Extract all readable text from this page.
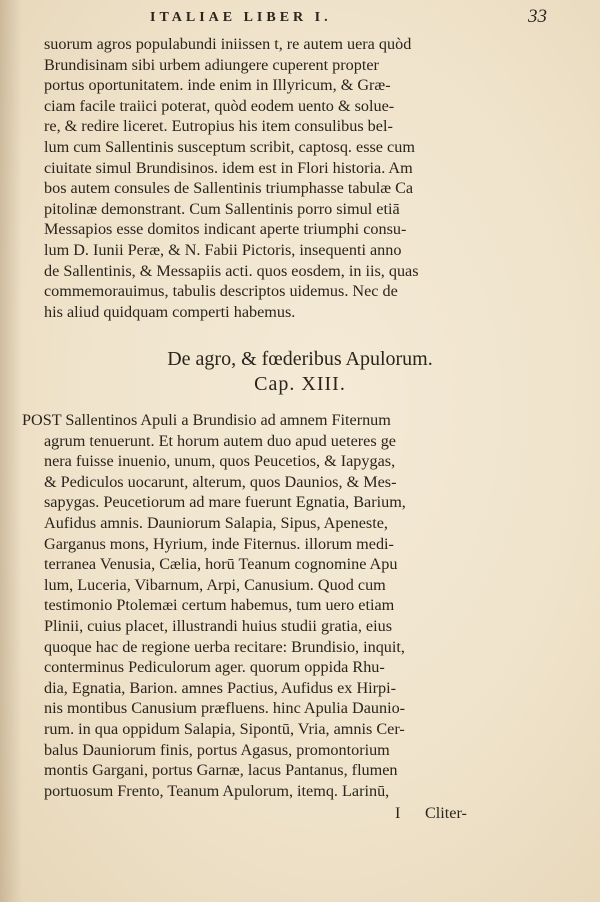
ITALIAE LIBER I.	33
suorum agros populabundi iniissen t, re autem uera quòd
Brundisinam sibi urbem adiungere cuperent propter
portus oportunitatem. inde enim in Illyricum, & Græ-
ciam facile traiici poterat, quòd eodem uento & solue-
re, & redire liceret. Eutropius his item consulibus bel-
lum cum Sallentinis susceptum scribit, captosq. esse cum
ciuitate simul Brundisinos. idem est in Flori historia. Am
bos autem consules de Sallentinis triumphasse tabulæ Ca
pitolinæ demonstrant. Cum Sallentinis porro simul etiā
Messapios esse domitos indicant aperte triumphi consu-
lum D. Iunii Peræ, & N. Fabii Pictoris, insequenti anno
de Sallentinis, & Messapiis acti. quos eosdem, in iis, quas
commemorauimus, tabulis descriptos uidemus. Nec de
his aliud quidquam comperti habemus.
De agro, & fœderibus Apulorum.
Cap. XIII.
POST Sallentinos Apuli a Brundisio ad amnem Fiternum
agrum tenuerunt. Et horum autem duo apud ueteres ge
nera fuisse inuenio, unum, quos Peucetios, & Iapygas,
& Pediculos uocarunt, alterum, quos Daunios, & Mes-
sapygas. Peucetiorum ad mare fuerunt Egnatia, Barium,
Aufidus amnis. Dauniorum Salapia, Sipus, Apeneste,
Garganus mons, Hyrium, inde Fiternus. illorum medi-
terranea Venusia, Cælia, horū Teanum cognomine Apu
lum, Luceria, Vibarnum, Arpi, Canusium. Quod cum
testimonio Ptolemæi certum habemus, tum uero etiam
Plinii, cuius placet, illustrandi huius studii gratia, eius
quoque hac de regione uerba recitare: Brundisio, inquit,
conterminus Pediculorum ager. quorum oppida Rhu-
dia, Egnatia, Barion. amnes Pactius, Aufidus ex Hirpi-
nis montibus Canusium præfluens. hinc Apulia Daunio-
rum. in qua oppidum Salapia, Sipontū, Vria, amnis Cer-
balus Dauniorum finis, portus Agasus, promontorium
montis Gargani, portus Garnæ, lacus Pantanus, flumen
portuosum Frento, Teanum Apulorum, itemq. Larinū,
I Cliter-
